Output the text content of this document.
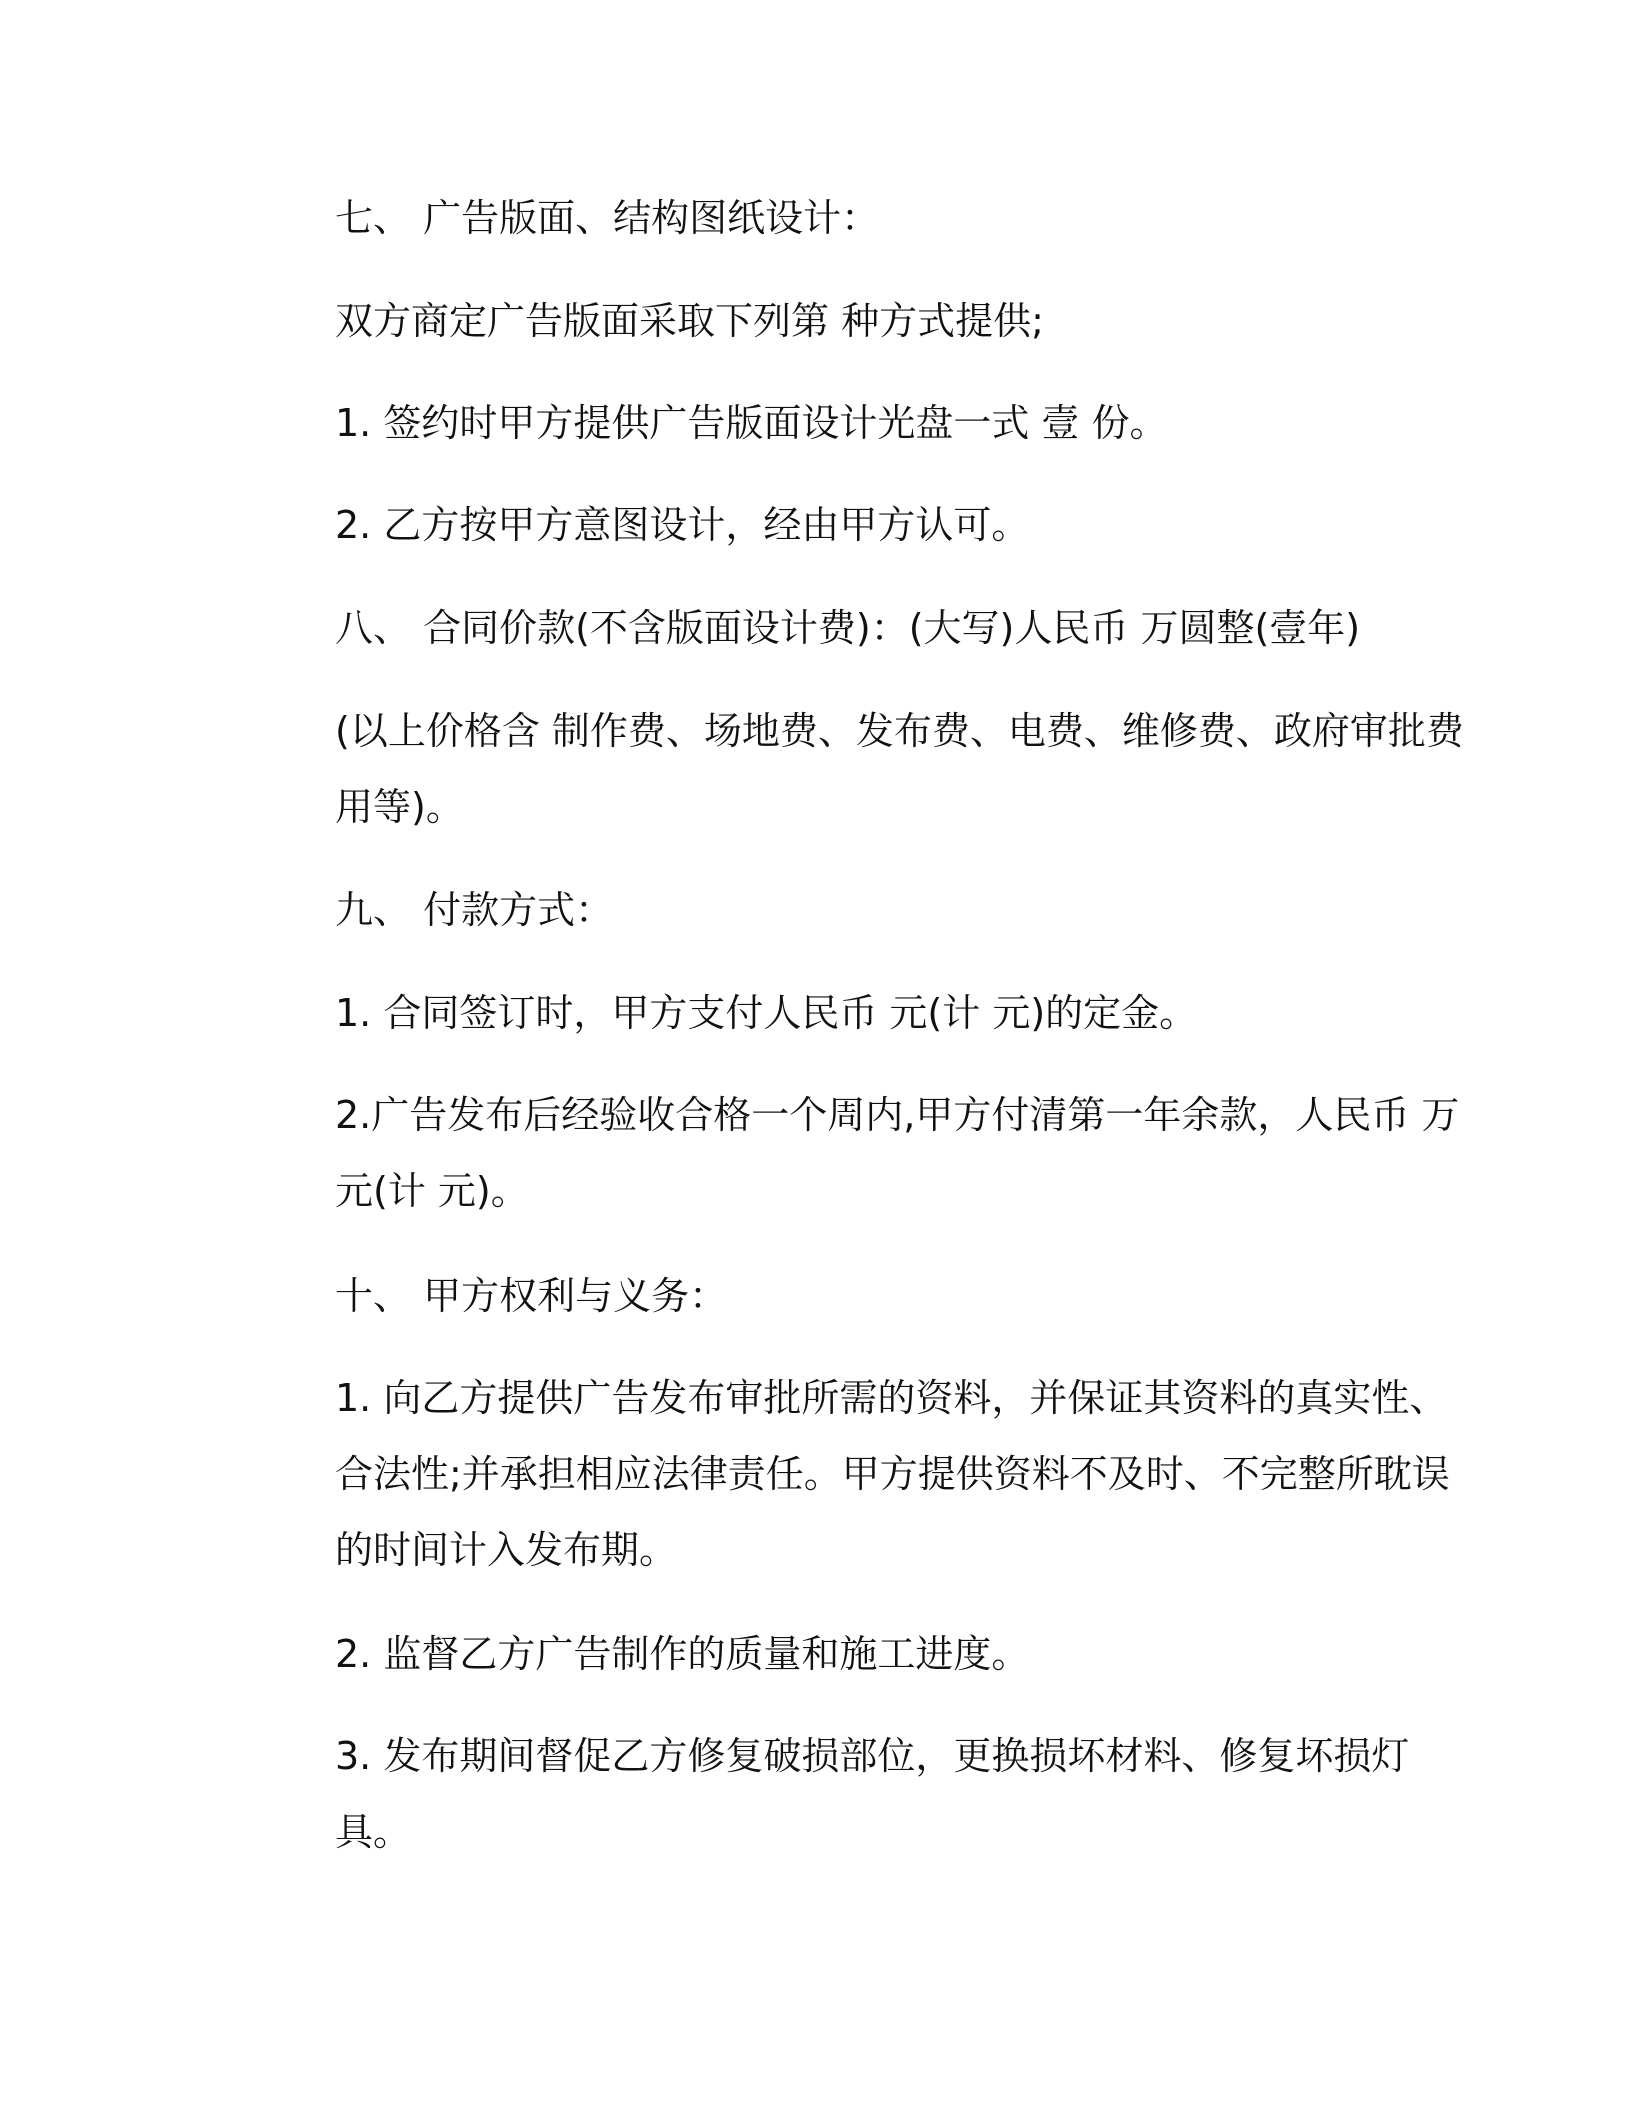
七、 广告版面、结构图纸设计：
双方商定广告版面采取下列第 种方式提供;
1. 签约时甲方提供广告版面设计光盘一式 壹 份。
2. 乙方按甲方意图设计，经由甲方认可。
八、 合同价款(不含版面设计费)：(大写)人民币 万圆整(壹年)
(以上价格含 制作费、场地费、发布费、电费、维修费、政府审批费用等)。
九、 付款方式：
1. 合同签订时，甲方支付人民币 元(计 元)的定金。
2.广告发布后经验收合格一个周内,甲方付清第一年余款，人民币 万元(计 元)。
十、 甲方权利与义务：
1. 向乙方提供广告发布审批所需的资料，并保证其资料的真实性、合法性;并承担相应法律责任。甲方提供资料不及时、不完整所耽误的时间计入发布期。
2. 监督乙方广告制作的质量和施工进度。
3. 发布期间督促乙方修复破损部位，更换损坏材料、修复坏损灯具。
